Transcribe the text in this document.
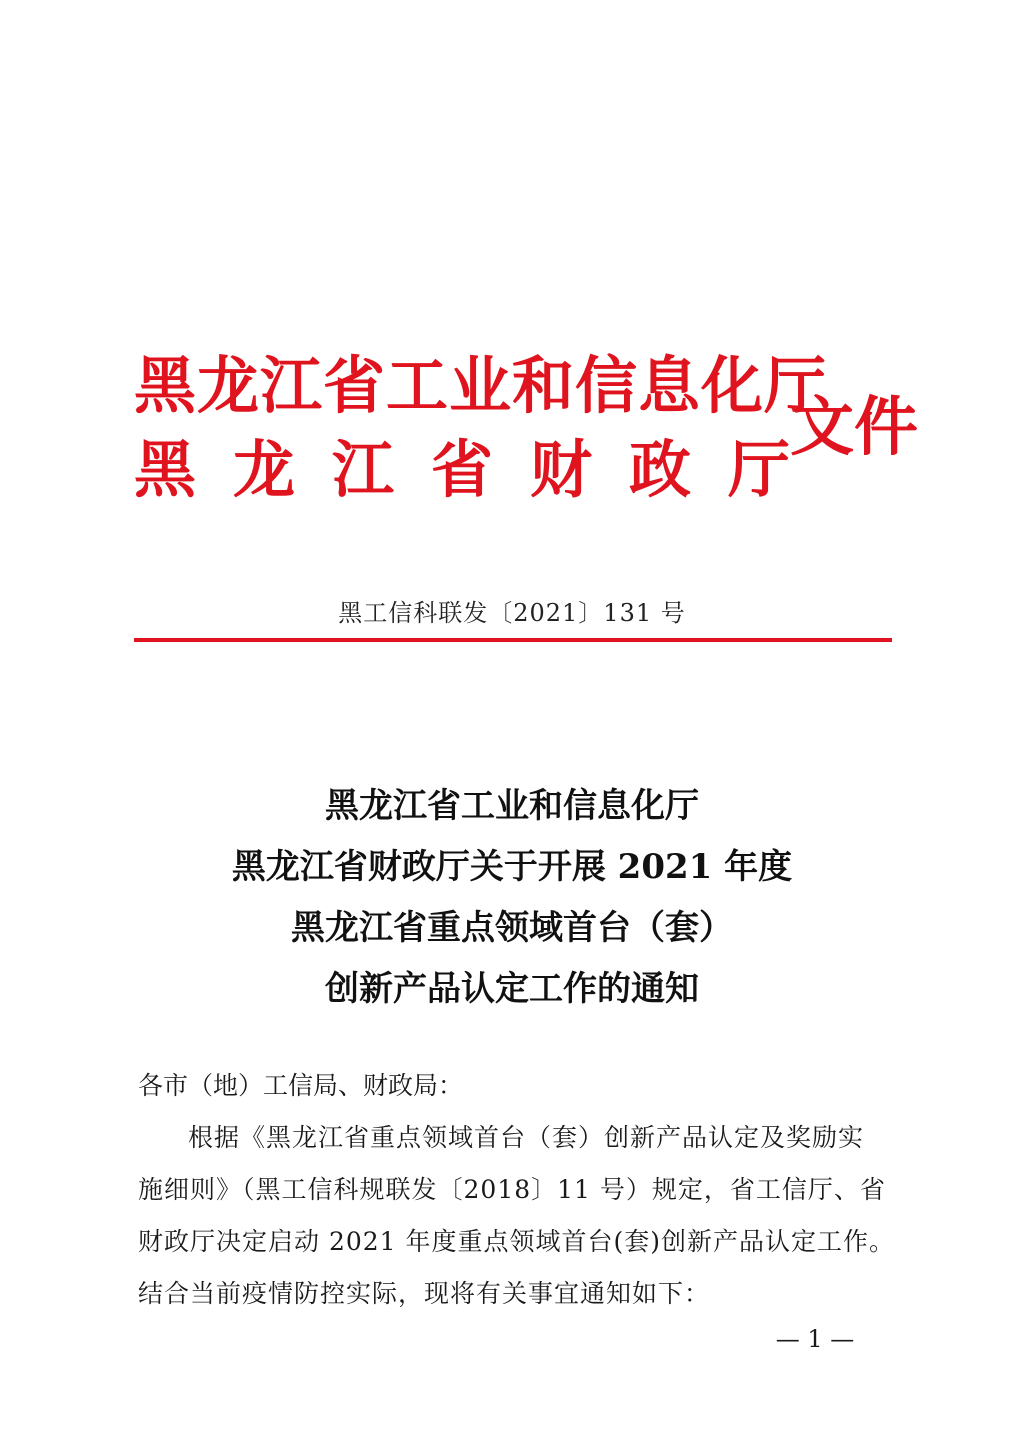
黑龙江省工业和信息化厅
黑龙江省财政厅
文件
黑工信科联发〔2021〕131 号
黑龙江省工业和信息化厅
黑龙江省财政厅关于开展 2021 年度
黑龙江省重点领域首台（套）
创新产品认定工作的通知
各市（地）工信局、财政局：
根据《黑龙江省重点领域首台（套）创新产品认定及奖励实
施细则》（黑工信科规联发〔2018〕11 号）规定，省工信厅、省
财政厅决定启动 2021 年度重点领域首台(套)创新产品认定工作。
结合当前疫情防控实际，现将有关事宜通知如下：
— 1 —
